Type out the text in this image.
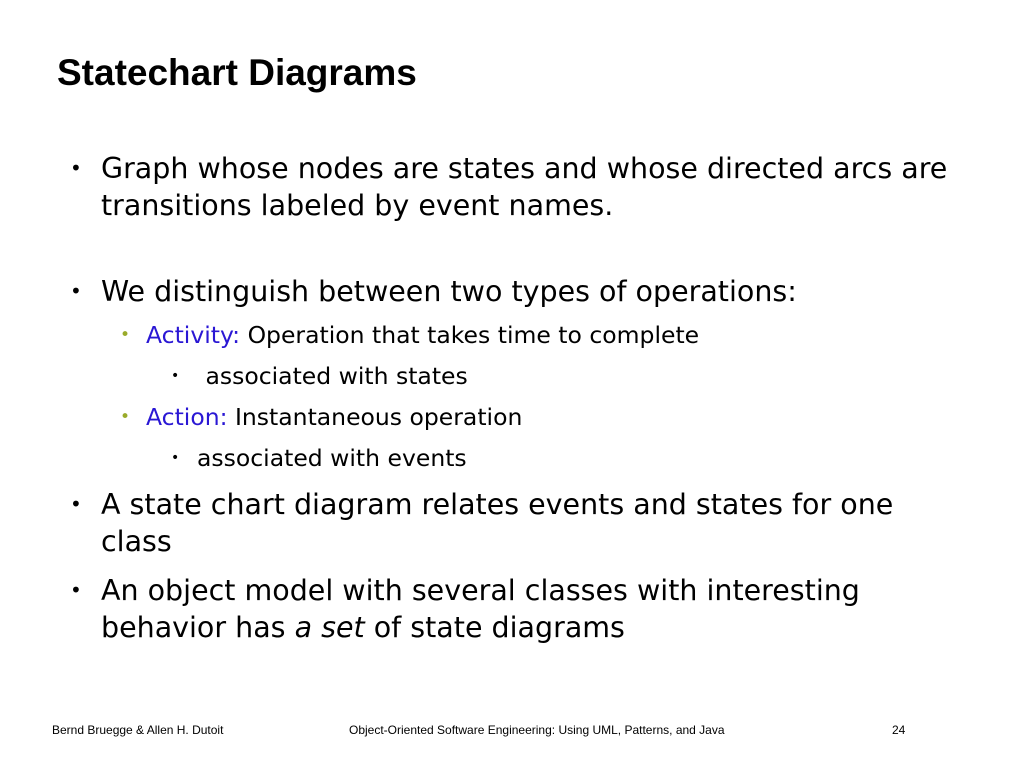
Statechart Diagrams
• Graph whose nodes are states and whose directed arcs are transitions labeled by event names.
• We distinguish between two types of operations:
• Activity: Operation that takes time to complete
• associated with states
• Action: Instantaneous operation
• associated with events
• A state chart diagram relates events and states for one class
• An object model with several classes with interesting behavior has a set of state diagrams
Bernd Bruegge & Allen H. Dutoit	Object-Oriented Software Engineering: Using UML, Patterns, and Java	24
